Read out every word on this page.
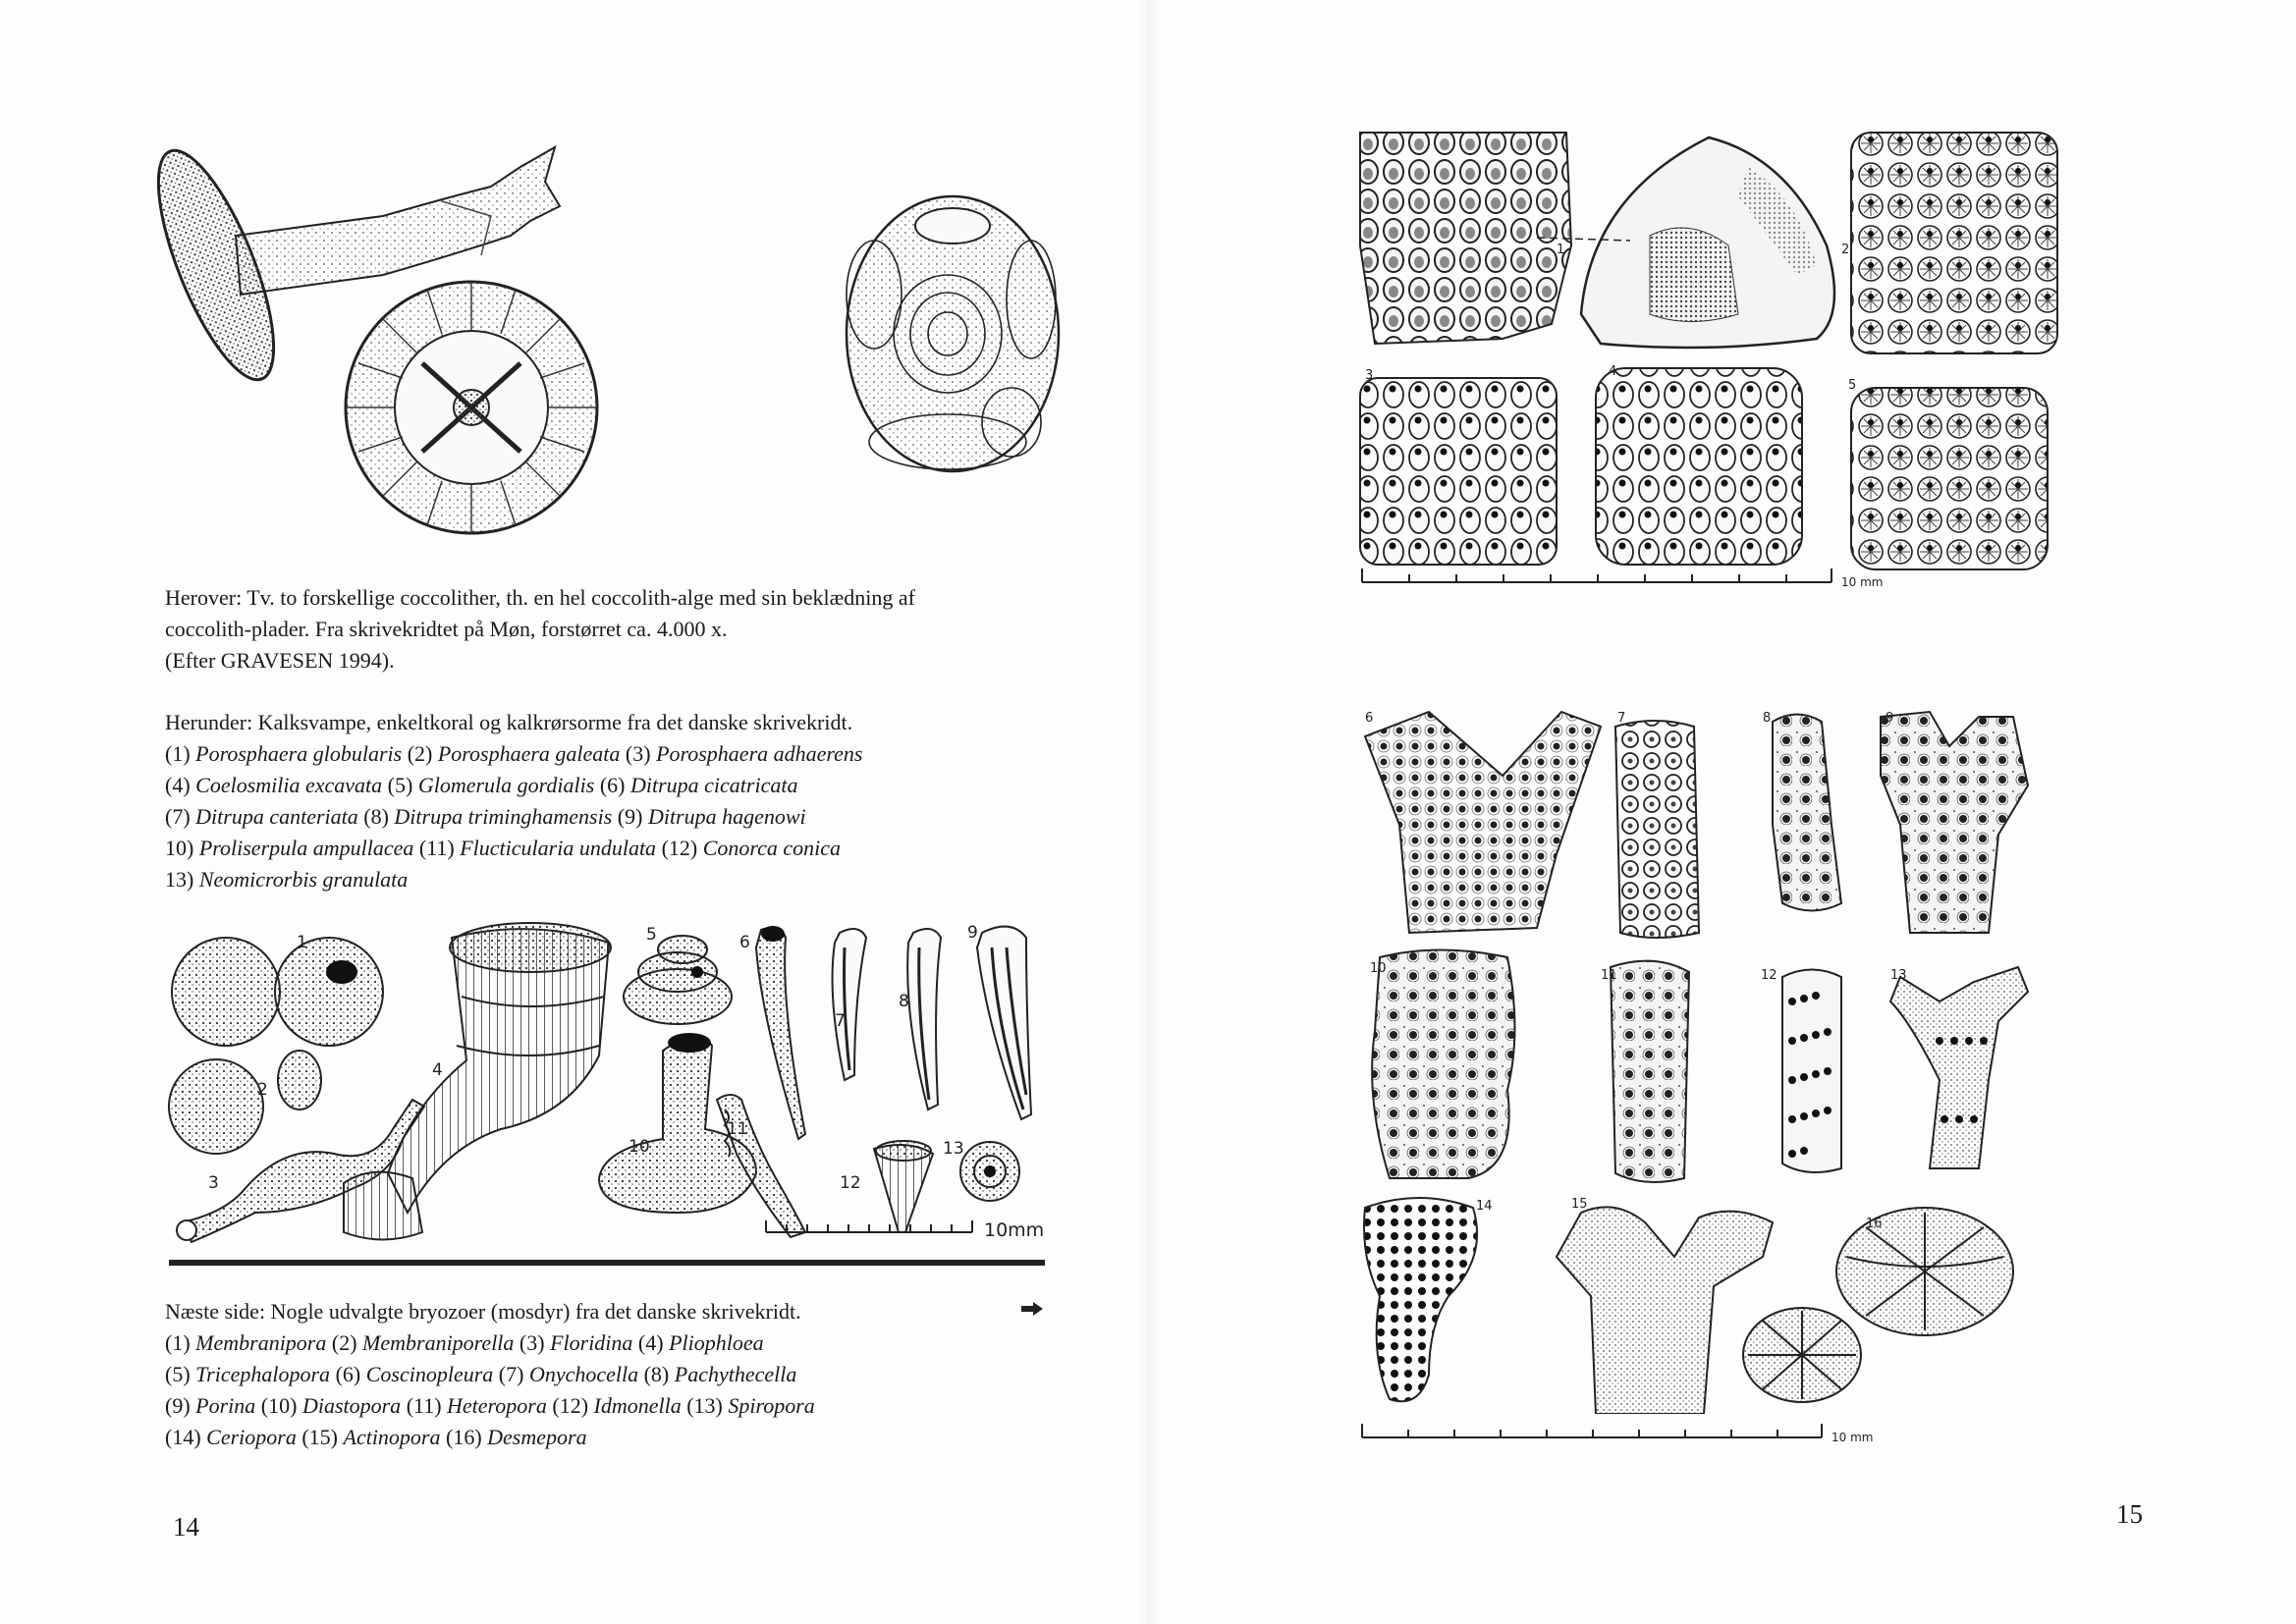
Herover: Tv. to forskellige coccolither, th. en hel coccolith-alge med sin beklædning af

coccolith-plader. Fra skrivekridtet på Møn, forstørret ca. 4.000 x.

(Efter GRAVESEN 1994).

Herunder: Kalksvampe, enkeltkoral og kalkrørsorme fra det danske skrivekridt.

(1) Porosphaera globularis (2) Porosphaera galeata (3) Porosphaera adhaerens

(4) Coelosmilia excavata (5) Glomerula gordialis (6) Ditrupa cicatricata

(7) Ditrupa canteriata (8) Ditrupa triminghamensis (9) Ditrupa hagenowi

10) Proliserpula ampullacea (11) Flucticularia undulata (12) Conorca conica

13) Neomicrorbis granulata

1
2
3
4
5	6
7
8
9
10
11
12
13
10mm

Næste side: Nogle udvalgte bryozoer (mosdyr) fra det danske skrivekridt.

(1) Membranipora (2) Membraniporella (3) Floridina (4) Pliophloea

(5) Tricephalopora (6) Coscinopleura (7) Onychocella (8) Pachythecella

(9) Porina (10) Diastopora (11) Heteropora (12) Idmonella (13) Spiropora

(14) Ceriopora (15) Actinopora (16) Desmepora

14
1	2
3	4
5
10 mm
6	7	8	9
10	11	12	13
14	15
16
10 mm
15
